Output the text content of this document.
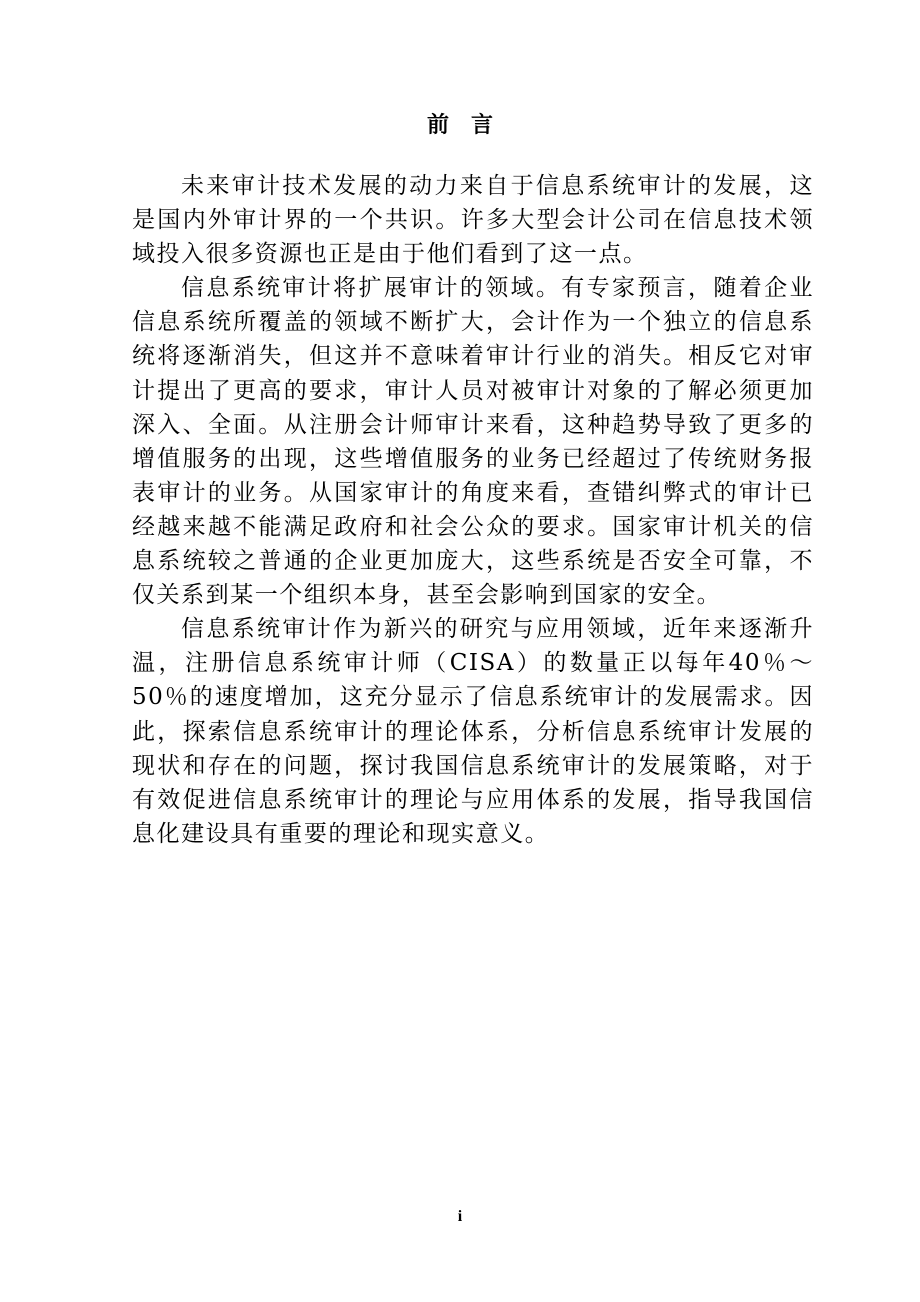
前言

未来审计技术发展的动力来自于信息系统审计的发展，这是国内外审计界的一个共识。许多大型会计公司在信息技术领域投入很多资源也正是由于他们看到了这一点。

信息系统审计将扩展审计的领域。有专家预言，随着企业信息系统所覆盖的领域不断扩大，会计作为一个独立的信息系统将逐渐消失，但这并不意味着审计行业的消失。相反它对审计提出了更高的要求，审计人员对被审计对象的了解必须更加深入、全面。从注册会计师审计来看，这种趋势导致了更多的增值服务的出现，这些增值服务的业务已经超过了传统财务报表审计的业务。从国家审计的角度来看，查错纠弊式的审计已经越来越不能满足政府和社会公众的要求。国家审计机关的信息系统较之普通的企业更加庞大，这些系统是否安全可靠，不仅关系到某一个组织本身，甚至会影响到国家的安全。

信息系统审计作为新兴的研究与应用领域，近年来逐渐升温，注册信息系统审计师（CISA）的数量正以每年40％～50％的速度增加，这充分显示了信息系统审计的发展需求。因此，探索信息系统审计的理论体系，分析信息系统审计发展的现状和存在的问题，探讨我国信息系统审计的发展策略，对于有效促进信息系统审计的理论与应用体系的发展，指导我国信息化建设具有重要的理论和现实意义。

i
